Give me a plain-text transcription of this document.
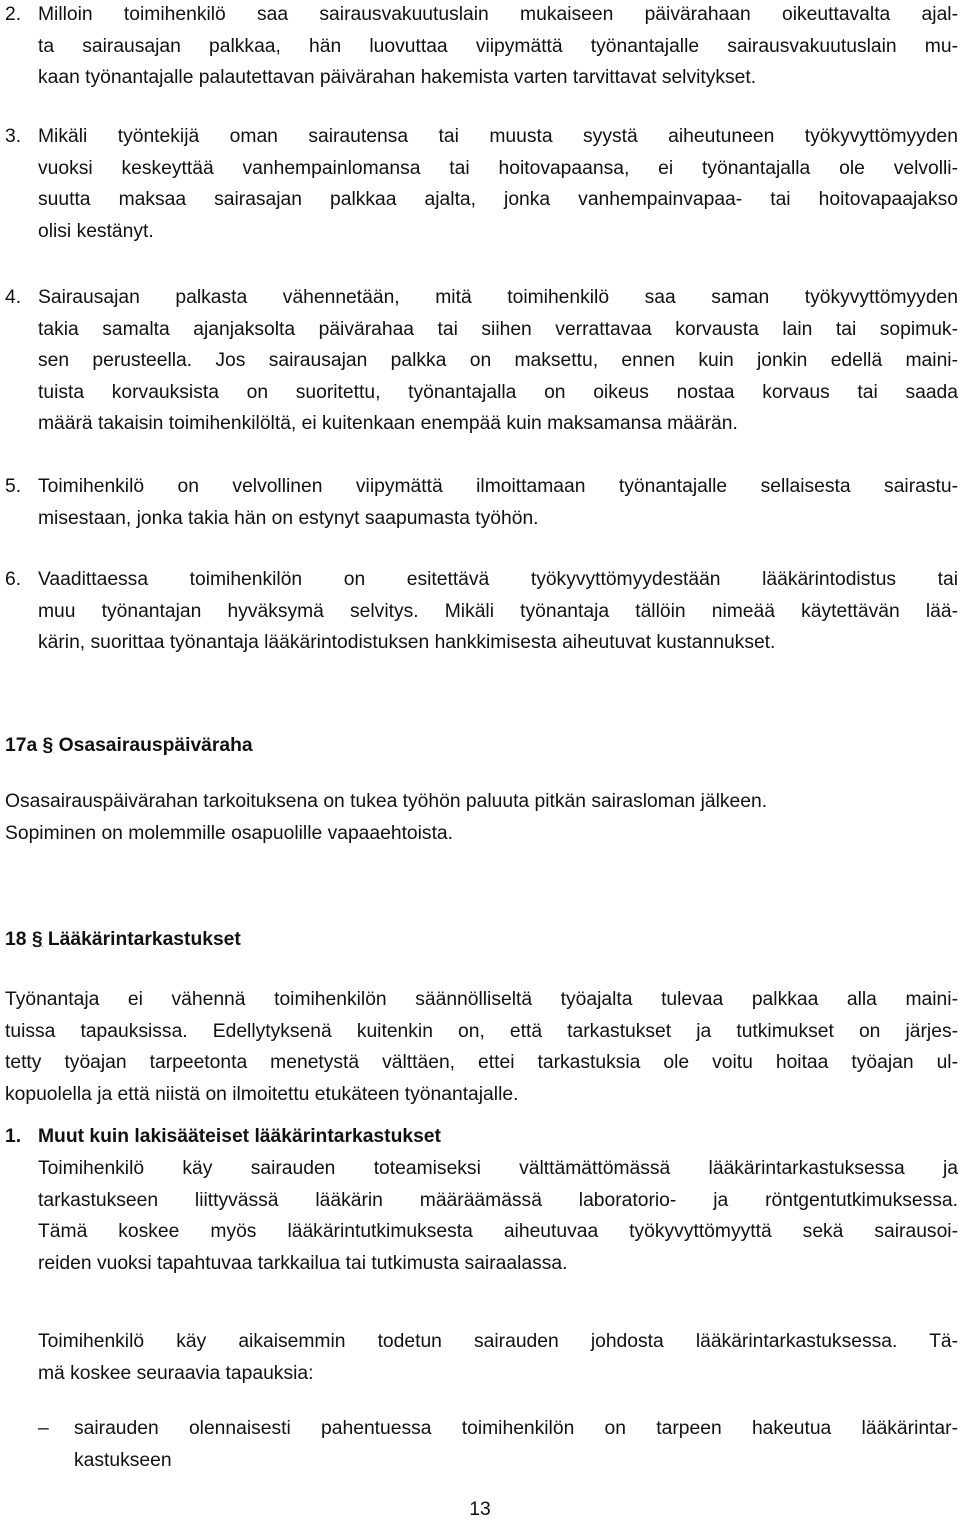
2. Milloin toimihenkilö saa sairausvakuutuslain mukaiseen päivärahaan oikeuttavalta ajal-
ta sairausajan palkkaa, hän luovuttaa viipymättä työnantajalle sairausvakuutuslain mu-
kaan työnantajalle palautettavan päivärahan hakemista varten tarvittavat selvitykset.
3. Mikäli työntekijä oman sairautensa tai muusta syystä aiheutuneen työkyvyttömyyden
vuoksi keskeyttää vanhempainlomansa tai hoitovapaansa, ei työnantajalla ole velvolli-
suutta maksaa sairasajan palkkaa ajalta, jonka vanhempainvapaa- tai hoitovapaajakso
olisi kestänyt.
4. Sairausajan palkasta vähennetään, mitä toimihenkilö saa saman työkyvyttömyyden
takia samalta ajanjaksolta päivärahaa tai siihen verrattavaa korvausta lain tai sopimuk-
sen perusteella. Jos sairausajan palkka on maksettu, ennen kuin jonkin edellä maini-
tuista korvauksista on suoritettu, työnantajalla on oikeus nostaa korvaus tai saada
määrä takaisin toimihenkilöltä, ei kuitenkaan enempää kuin maksamansa määrän.
5. Toimihenkilö on velvollinen viipymättä ilmoittamaan työnantajalle sellaisesta sairastu-
misestaan, jonka takia hän on estynyt saapumasta työhön.
6. Vaadittaessa toimihenkilön on esitettävä työkyvyttömyydestään lääkärintodistus tai
muu työnantajan hyväksymä selvitys. Mikäli työnantaja tällöin nimeää käytettävän lää-
kärin, suorittaa työnantaja lääkärintodistuksen hankkimisesta aiheutuvat kustannukset.
17a § Osasairauspäiväraha
Osasairauspäivärahan tarkoituksena on tukea työhön paluuta pitkän sairasloman jälkeen.
Sopiminen on molemmille osapuolille vapaaehtoista.
18 § Lääkärintarkastukset
Työnantaja ei vähennä toimihenkilön säännölliseltä työajalta tulevaa palkkaa alla maini-
tuissa tapauksissa. Edellytyksenä kuitenkin on, että tarkastukset ja tutkimukset on järjes-
tetty työajan tarpeetonta menetystä välttäen, ettei tarkastuksia ole voitu hoitaa työajan ul-
kopuolella ja että niistä on ilmoitettu etukäteen työnantajalle.
1. Muut kuin lakisääteiset lääkärintarkastukset
Toimihenkilö käy sairauden toteamiseksi välttämättömässä lääkärintarkastuksessa ja
tarkastukseen liittyvässä lääkärin määräämässä laboratorio- ja röntgentutkimuksessa.
Tämä koskee myös lääkärintutkimuksesta aiheutuvaa työkyvyttömyyttä sekä sairausoi-
reiden vuoksi tapahtuvaa tarkkailua tai tutkimusta sairaalassa.
Toimihenkilö käy aikaisemmin todetun sairauden johdosta lääkärintarkastuksessa. Tä-
mä koskee seuraavia tapauksia:
– sairauden olennaisesti pahentuessa toimihenkilön on tarpeen hakeutua lääkärintar-
kastukseen
13
